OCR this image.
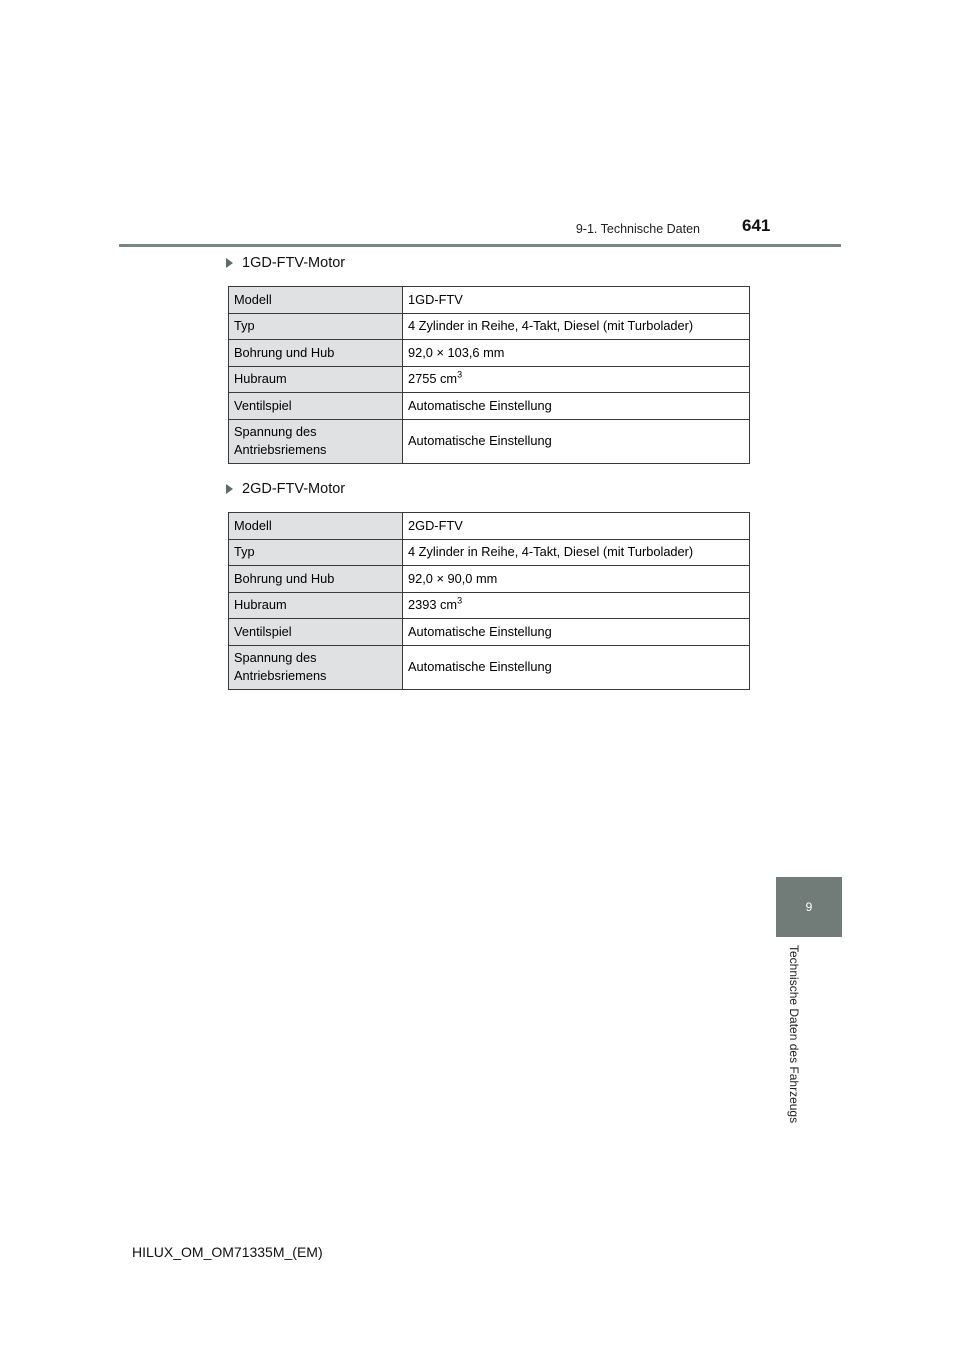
9-1. Technische Daten 641
1GD-FTV-Motor
Modell	1GD-FTV
Typ	4 Zylinder in Reihe, 4-Takt, Diesel (mit Turbolader)
Bohrung und Hub	92,0 × 103,6 mm
Hubraum	2755 $cm^3$
Ventilspiel	Automatische Einstellung
Spannung des Antriebsriemens	Automatische Einstellung
2GD-FTV-Motor
Modell	2GD-FTV
Typ	4 Zylinder in Reihe, 4-Takt, Diesel (mit Turbolader)
Bohrung und Hub	92,0 × 90,0 mm
Hubraum	2393 $cm^3$
Ventilspiel	Automatische Einstellung
Spannung des Antriebsriemens	Automatische Einstellung
9
Technische Daten des Fahrzeugs
HILUX_OM_OM71335M_(EM)
